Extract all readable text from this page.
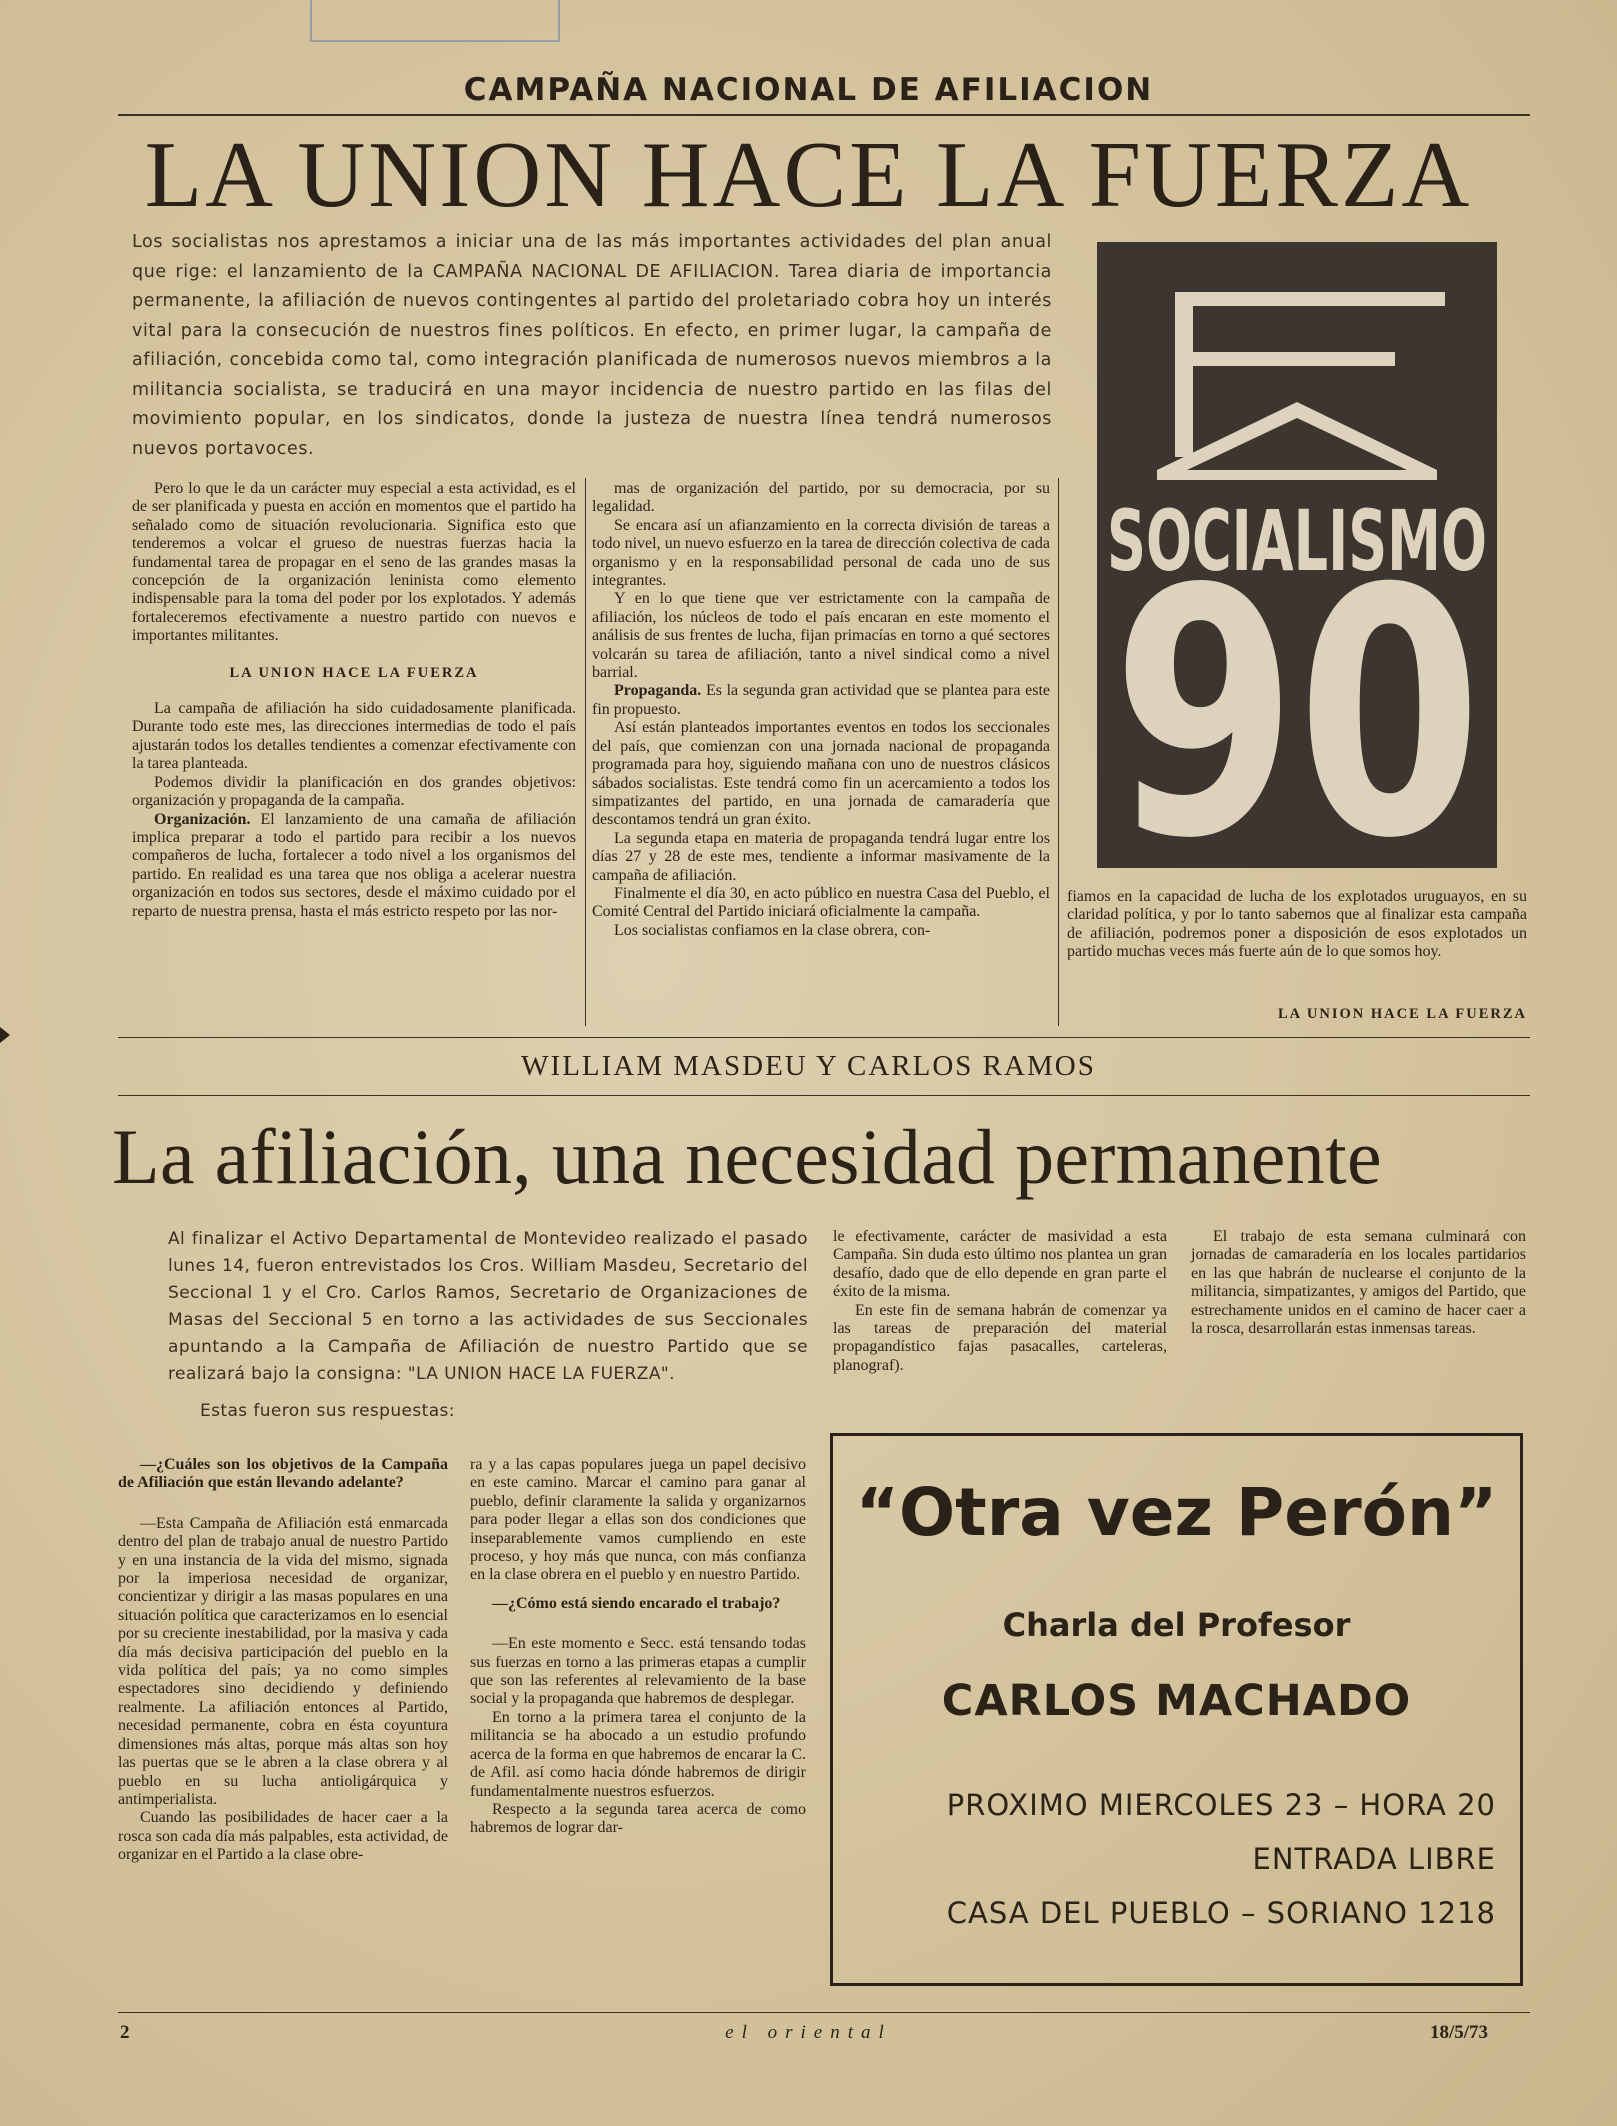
CAMPAÑA NACIONAL DE AFILIACION
LA UNION HACE LA FUERZA
Los socialistas nos aprestamos a iniciar una de las más importantes actividades del plan anual que rige: el lanzamiento de la CAMPAÑA NACIONAL DE AFILIACION. Tarea diaria de importancia permanente, la afiliación de nuevos contingentes al partido del proletariado cobra hoy un interés vital para la consecución de nuestros fines políticos. En efecto, en primer lugar, la campaña de afiliación, concebida como tal, como integración planificada de numerosos nuevos miembros a la militancia socialista, se traducirá en una mayor incidencia de nuestro partido en las filas del movimiento popular, en los sindicatos, donde la justeza de nuestra línea tendrá numerosos nuevos portavoces.
SOCIALISMO
90

Pero lo que le da un carácter muy especial a esta actividad, es el de ser planificada y puesta en acción en momentos que el partido ha señalado como de situación revolucionaria. Significa esto que tenderemos a volcar el grueso de nuestras fuerzas hacia la fundamental tarea de propagar en el seno de las grandes masas la concepción de la organización leninista como elemento indispensable para la toma del poder por los explotados. Y además fortaleceremos efectivamente a nuestro partido con nuevos e importantes militantes.

LA UNION HACE LA FUERZA

La campaña de afiliación ha sido cuidadosamente planificada. Durante todo este mes, las direcciones intermedias de todo el país ajustarán todos los detalles tendientes a comenzar efectivamente con la tarea planteada.

Podemos dividir la planificación en dos grandes objetivos: organización y propaganda de la campaña.

Organización. El lanzamiento de una camaña de afiliación implica preparar a todo el partido para recibir a los nuevos compañeros de lucha, fortalecer a todo nivel a los organismos del partido. En realidad es una tarea que nos obliga a acelerar nuestra organización en todos sus sectores, desde el máximo cuidado por el reparto de nuestra prensa, hasta el más estricto respeto por las nor-

mas de organización del partido, por su democracia, por su legalidad.

Se encara así un afianzamiento en la correcta división de tareas a todo nivel, un nuevo esfuerzo en la tarea de dirección colectiva de cada organismo y en la responsabilidad personal de cada uno de sus integrantes.

Y en lo que tiene que ver estrictamente con la campaña de afiliación, los núcleos de todo el país encaran en este momento el análisis de sus frentes de lucha, fijan primacías en torno a qué sectores volcarán su tarea de afiliación, tanto a nivel sindical como a nivel barrial.

Propaganda. Es la segunda gran actividad que se plantea para este fin propuesto.

Así están planteados importantes eventos en todos los seccionales del país, que comienzan con una jornada nacional de propaganda programada para hoy, siguiendo mañana con uno de nuestros clásicos sábados socialistas. Este tendrá como fin un acercamiento a todos los simpatizantes del partido, en una jornada de camaradería que descontamos tendrá un gran éxito.

La segunda etapa en materia de propaganda tendrá lugar entre los días 27 y 28 de este mes, tendiente a informar masivamente de la campaña de afiliación.

Finalmente el día 30, en acto público en nuestra Casa del Pueblo, el Comité Central del Partido iniciará oficialmente la campaña.

Los socialistas confiamos en la clase obrera, con-

fiamos en la capacidad de lucha de los explotados uruguayos, en su claridad política, y por lo tanto sabemos que al finalizar esta campaña de afiliación, podremos poner a disposición de esos explotados un partido muchas veces más fuerte aún de lo que somos hoy.

LA UNION HACE LA FUERZA
WILLIAM MASDEU Y CARLOS RAMOS
La afiliación, una necesidad permanente

Al finalizar el Activo Departamental de Montevideo realizado el pasado lunes 14, fueron entrevistados los Cros. William Masdeu, Secretario del Seccional 1 y el Cro. Carlos Ramos, Secretario de Organizaciones de Masas del Seccional 5 en torno a las actividades de sus Seccionales apuntando a la Campaña de Afiliación de nuestro Partido que se realizará bajo la consigna: "LA UNION HACE LA FUERZA".

Estas fueron sus respuestas:

—¿Cuáles son los objetivos de la Campaña de Afiliación que están llevando adelante?

—Esta Campaña de Afiliación está enmarcada dentro del plan de trabajo anual de nuestro Partido y en una instancia de la vida del mismo, signada por la imperiosa necesidad de organizar, concientizar y dirigir a las masas populares en una situación política que caracterizamos en lo esencial por su creciente inestabilidad, por la masiva y cada día más decisiva participación del pueblo en la vida política del país; ya no como simples espectadores sino decidiendo y definiendo realmente. La afiliación entonces al Partido, necesidad permanente, cobra en ésta coyuntura dimensiones más altas, porque más altas son hoy las puertas que se le abren a la clase obrera y al pueblo en su lucha antioligárquica y antimperialista.

Cuando las posibilidades de hacer caer a la rosca son cada día más palpables, esta actividad, de organizar en el Partido a la clase obre-

ra y a las capas populares juega un papel decisivo en este camino. Marcar el camino para ganar al pueblo, definir claramente la salida y organizarnos para poder llegar a ellas son dos condiciones que inseparablemente vamos cumpliendo en este proceso, y hoy más que nunca, con más confianza en la clase obrera en el pueblo y en nuestro Partido.

—¿Cómo está siendo encarado el trabajo?

—En este momento e Secc. está tensando todas sus fuerzas en torno a las primeras etapas a cumplir que son las referentes al relevamiento de la base social y la propaganda que habremos de desplegar.

En torno a la primera tarea el conjunto de la militancia se ha abocado a un estudio profundo acerca de la forma en que habremos de encarar la C. de Afil. así como hacia dónde habremos de dirigir fundamentalmente nuestros esfuerzos.

Respecto a la segunda tarea acerca de como habremos de lograr dar-

le efectivamente, carácter de masividad a esta Campaña. Sin duda esto último nos plantea un gran desafío, dado que de ello depende en gran parte el éxito de la misma.

En este fin de semana habrán de comenzar ya las tareas de preparación del material propagandístico fajas pasacalles, carteleras, planograf).

El trabajo de esta semana culminará con jornadas de camaradería en los locales partidarios en las que habrán de nuclearse el conjunto de la militancia, simpatizantes, y amigos del Partido, que estrechamente unidos en el camino de hacer caer a la rosca, desarrollarán estas inmensas tareas.

“Otra vez Perón”
Charla del Profesor
CARLOS MACHADO
PROXIMO MIERCOLES 23 – HORA 20
ENTRADA LIBRE
CASA DEL PUEBLO – SORIANO 1218
2	el oriental	18/5/73
